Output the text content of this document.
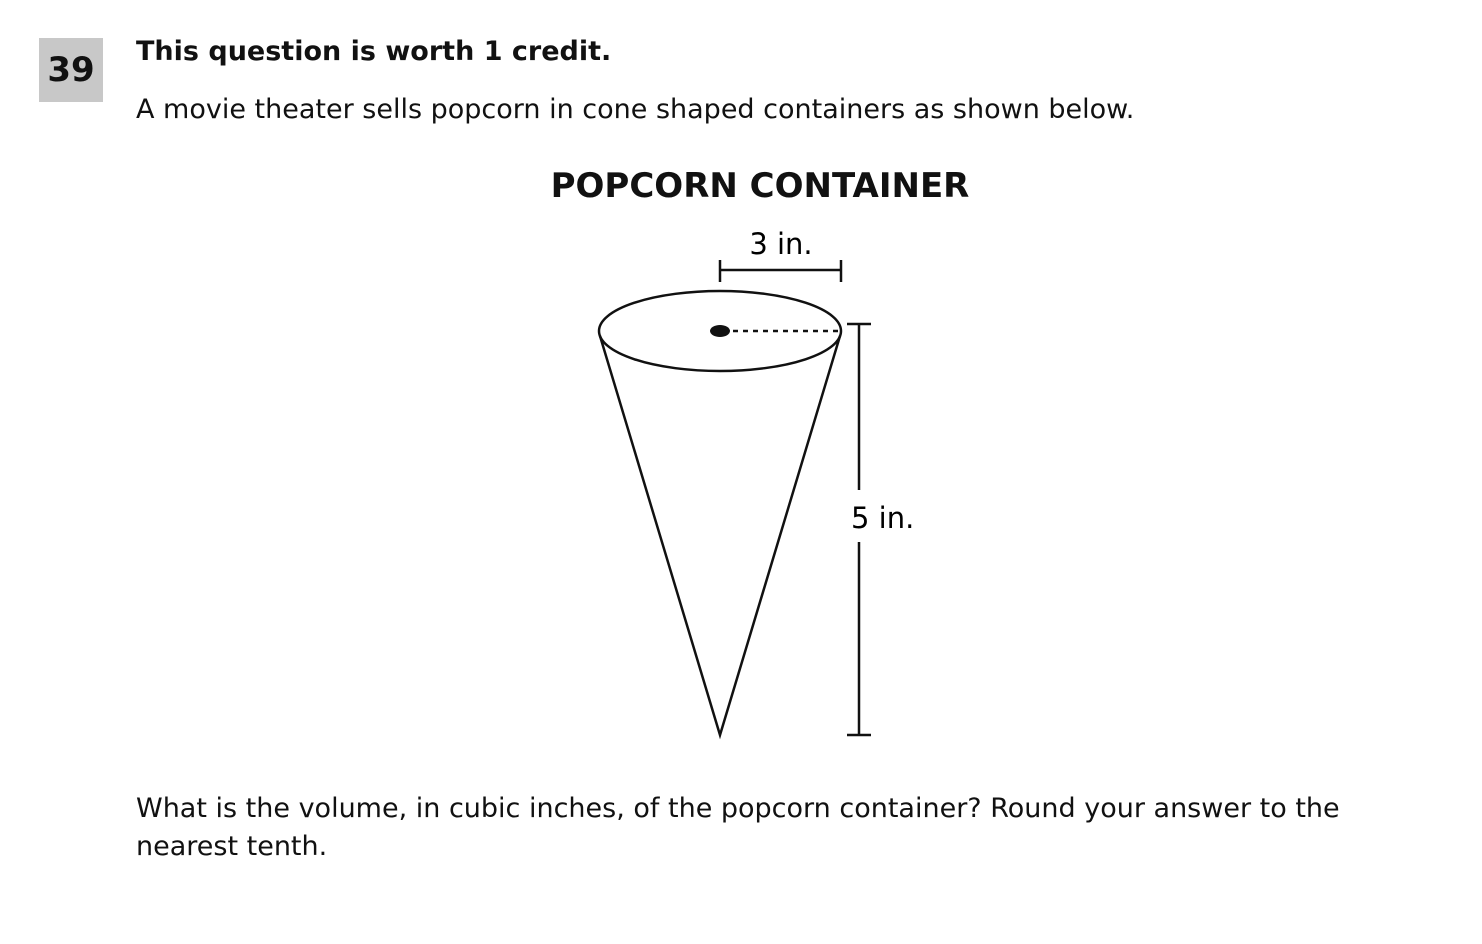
39	This question is worth 1 credit.
A movie theater sells popcorn in cone shaped containers as shown below.
POPCORN CONTAINER
3 in.
5 in.
What is the volume, in cubic inches, of the popcorn container? Round your answer to the nearest tenth.
